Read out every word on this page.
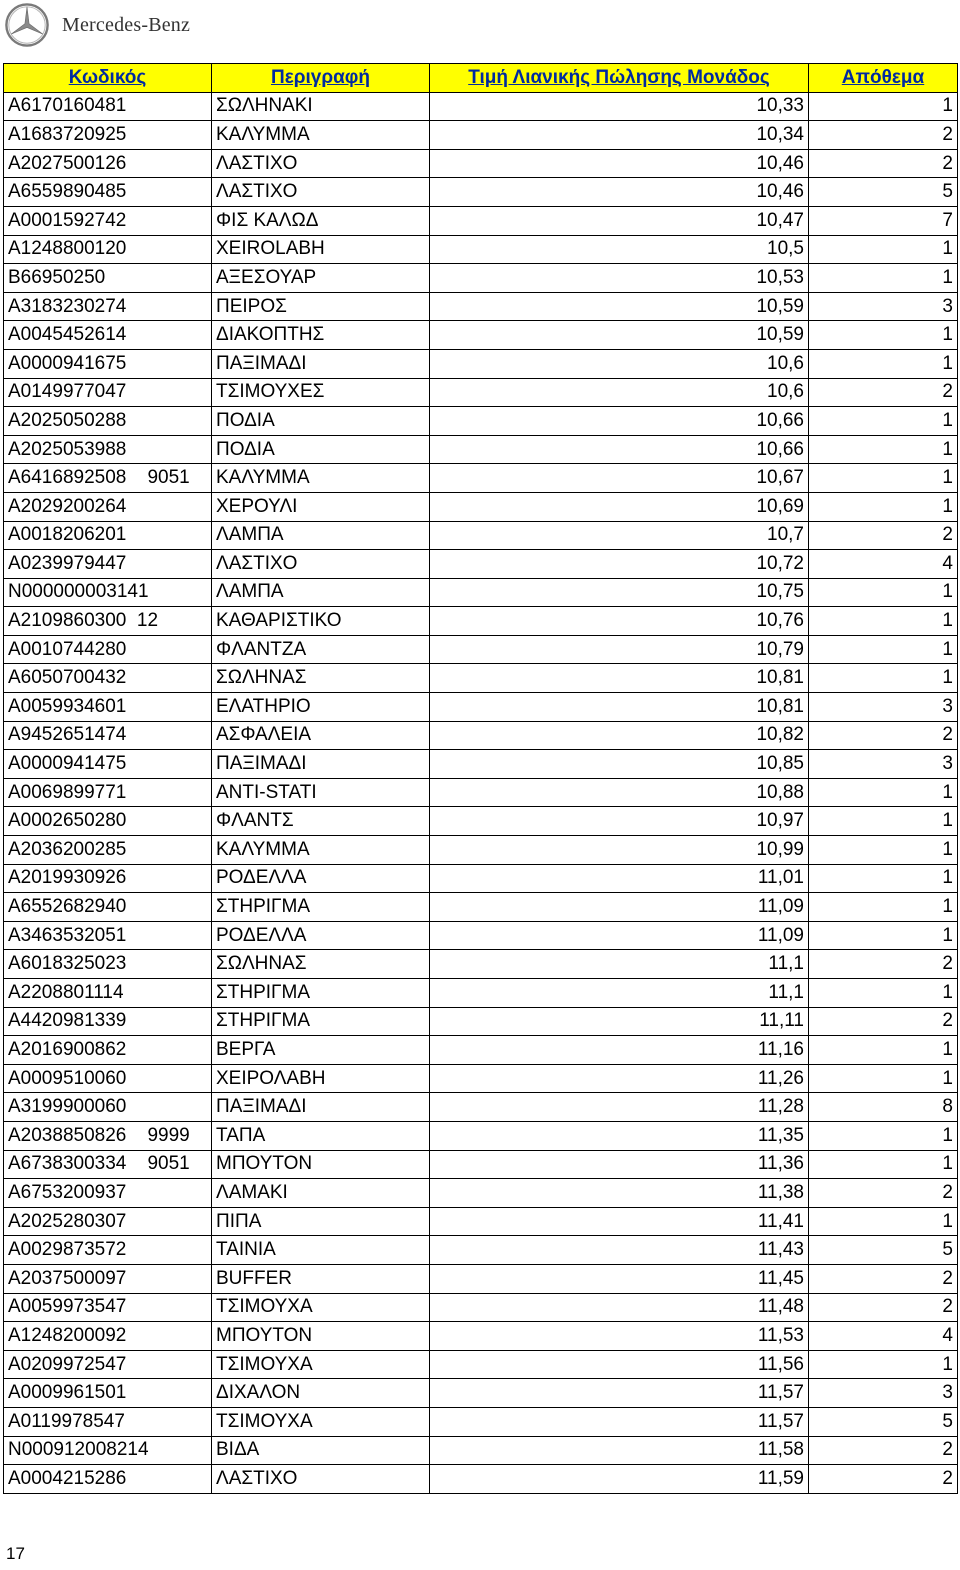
Mercedes-Benz
Κωδικός	Περιγραφή	Τιμή Λιανικής Πώλησης Μονάδος	Απόθεμα
A6170160481	ΣΩΛΗΝΑΚΙ	10,33	1
A1683720925	ΚΑΛΥΜΜΑ	10,34	2
A2027500126	ΛΑΣΤΙΧΟ	10,46	2
A6559890485	ΛΑΣΤΙΧΟ	10,46	5
A0001592742	ΦΙΣ ΚΑΛΩΔ	10,47	7
A1248800120	XEIROLABH	10,5	1
B66950250	ΑΞΕΣΟΥΑΡ	10,53	1
A3183230274	ΠΕΙΡΟΣ	10,59	3
A0045452614	ΔΙΑΚΟΠΤΗΣ	10,59	1
A0000941675	ΠΑΞΙΜΑΔΙ	10,6	1
A0149977047	ΤΣΙΜΟΥΧΕΣ	10,6	2
A2025050288	ΠΟΔΙΑ	10,66	1
A2025053988	ΠΟΔΙΑ	10,66	1
A6416892508    9051	ΚΑΛΥΜΜΑ	10,67	1
A2029200264	ΧΕΡΟΥΛΙ	10,69	1
A0018206201	ΛΑΜΠΑ	10,7	2
A0239979447	ΛΑΣΤΙΧΟ	10,72	4
N000000003141	ΛΑΜΠΑ	10,75	1
A2109860300  12	ΚΑΘΑΡΙΣΤΙΚΟ	10,76	1
A0010744280	ΦΛΑΝΤΖΑ	10,79	1
A6050700432	ΣΩΛΗΝΑΣ	10,81	1
A0059934601	ΕΛΑΤΗΡΙΟ	10,81	3
A9452651474	ΑΣΦΑΛΕΙΑ	10,82	2
A0000941475	ΠΑΞΙΜΑΔΙ	10,85	3
A0069899771	ANTI-STATI	10,88	1
A0002650280	ΦΛΑΝΤΣ	10,97	1
A2036200285	ΚΑΛΥΜΜΑ	10,99	1
A2019930926	ΡΟΔΕΛΛΑ	11,01	1
A6552682940	ΣΤΗΡΙΓΜΑ	11,09	1
A3463532051	ΡΟΔΕΛΛΑ	11,09	1
A6018325023	ΣΩΛΗΝΑΣ	11,1	2
A2208801114	ΣΤΗΡΙΓΜΑ	11,1	1
A4420981339	ΣΤΗΡΙΓΜΑ	11,11	2
A2016900862	ΒΕΡΓΑ	11,16	1
A0009510060	ΧΕΙΡΟΛΑΒΗ	11,26	1
A3199900060	ΠΑΞΙΜΑΔΙ	11,28	8
A2038850826    9999	ΤΑΠΑ	11,35	1
A6738300334    9051	ΜΠΟΥΤΟΝ	11,36	1
A6753200937	ΛΑΜΑΚΙ	11,38	2
A2025280307	ΠΙΠΑ	11,41	1
A0029873572	ΤΑΙΝΙΑ	11,43	5
A2037500097	BUFFER	11,45	2
A0059973547	ΤΣΙΜΟΥΧΑ	11,48	2
A1248200092	ΜΠΟΥΤΟΝ	11,53	4
A0209972547	ΤΣΙΜΟΥΧΑ	11,56	1
A0009961501	ΔΙΧΑΛΟΝ	11,57	3
A0119978547	ΤΣΙΜΟΥΧΑ	11,57	5
N000912008214	ΒΙΔΑ	11,58	2
A0004215286	ΛΑΣΤΙΧΟ	11,59	2
17
